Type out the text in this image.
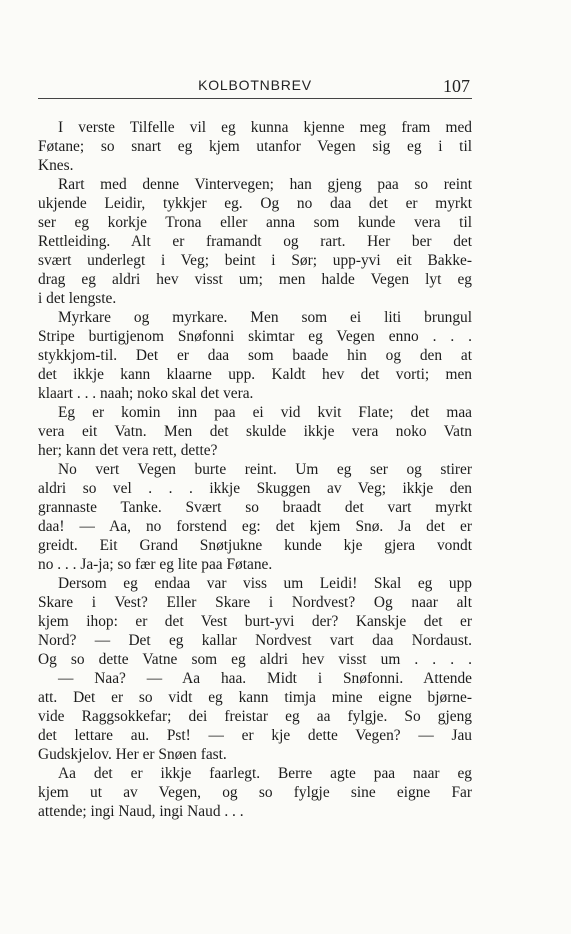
KOLBOTNBREV	107
I verste Tilfelle vil eg kunna kjenne meg fram med
Føtane; so snart eg kjem utanfor Vegen sig eg i til
Knes.
Rart med denne Vintervegen; han gjeng paa so reint
ukjende Leidir, tykkjer eg. Og no daa det er myrkt
ser eg korkje Trona eller anna som kunde vera til
Rettleiding. Alt er framandt og rart. Her ber det
svært underlegt i Veg; beint i Sør; upp-yvi eit Bakke-
drag eg aldri hev visst um; men halde Vegen lyt eg
i det lengste.
Myrkare og myrkare. Men som ei liti brungul
Stripe burtigjenom Snøfonni skimtar eg Vegen enno . . .
stykkjom-til. Det er daa som baade hin og den at
det ikkje kann klaarne upp. Kaldt hev det vorti; men
klaart . . . naah; noko skal det vera.
Eg er komin inn paa ei vid kvit Flate; det maa
vera eit Vatn. Men det skulde ikkje vera noko Vatn
her; kann det vera rett, dette?
No vert Vegen burte reint. Um eg ser og stirer
aldri so vel . . . ikkje Skuggen av Veg; ikkje den
grannaste Tanke. Svært so braadt det vart myrkt
daa! — Aa, no forstend eg: det kjem Snø. Ja det er
greidt. Eit Grand Snøtjukne kunde kje gjera vondt
no . . . Ja-ja; so fær eg lite paa Føtane.
Dersom eg endaa var viss um Leidi! Skal eg upp
Skare i Vest? Eller Skare i Nordvest? Og naar alt
kjem ihop: er det Vest burt-yvi der? Kanskje det er
Nord? — Det eg kallar Nordvest vart daa Nordaust.
Og so dette Vatne som eg aldri hev visst um . . . .
— Naa? — Aa haa. Midt i Snøfonni. Attende
att. Det er so vidt eg kann timja mine eigne bjørne-
vide Raggsokkefar; dei freistar eg aa fylgje. So gjeng
det lettare au. Pst! — er kje dette Vegen? — Jau
Gudskjelov. Her er Snøen fast.
Aa det er ikkje faarlegt. Berre agte paa naar eg
kjem ut av Vegen, og so fylgje sine eigne Far
attende; ingi Naud, ingi Naud . . .
